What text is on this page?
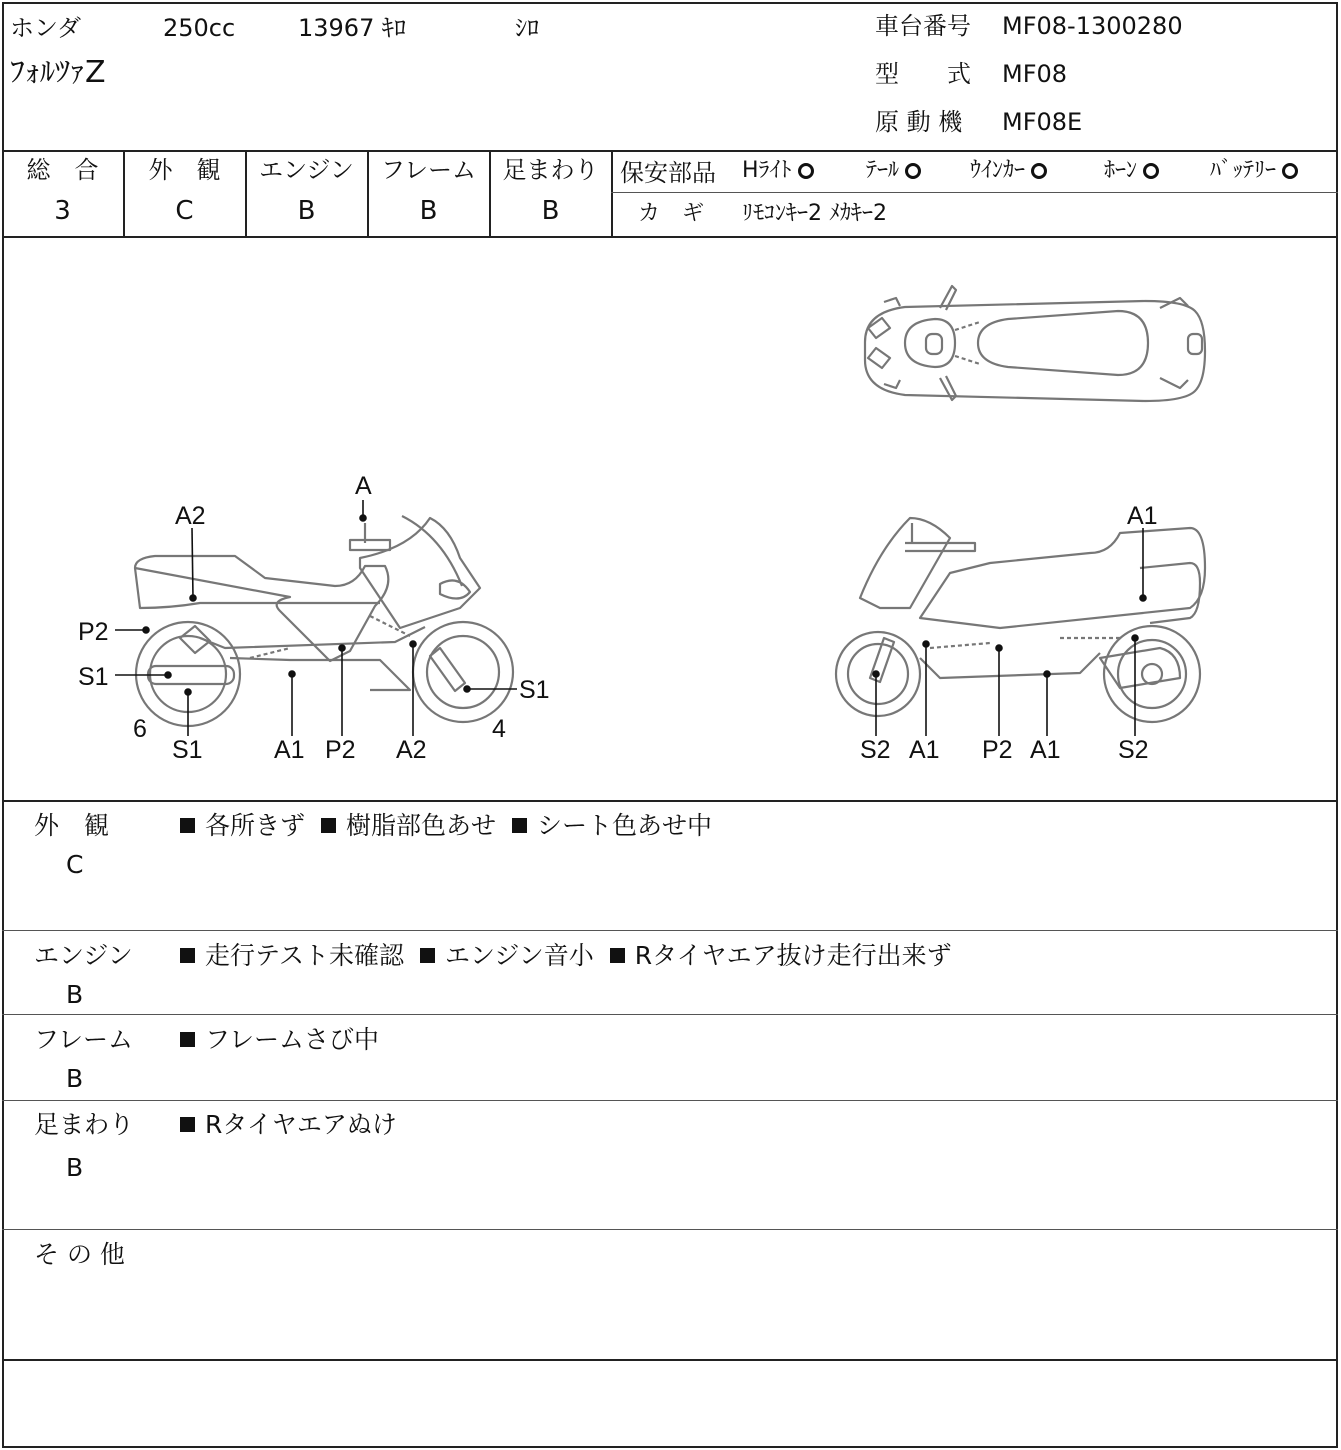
ホンダ	250cc	13967 ｷﾛ	ｼﾛ
ﾌｫﾙﾂｧZ
車台番号 MF08-1300280
型　　式 MF08
原 動 機 MF08E
総　合
3
外　観
C
エンジン
B
フレーム
B
足まわり
B
保安部品 Hﾗｲﾄ	ﾃｰﾙ	ｳｲﾝｶｰ	ﾎｰﾝ	ﾊﾞｯﾃﾘｰ
カ　ギ ﾘﾓｺﾝｷｰ2 ﾒｶｷｰ2
A
A2
P2
S1
6
S1	A1 P2 A2
4
S1
A1
S2 A1 P2 A1 S2
外　観
C
各所きず 樹脂部色あせ シート色あせ中
エンジン
B
走行テスト未確認 エンジン音小 Rタイヤエア抜け走行出来ず
フレーム
B
フレームさび中
足まわり
B
Rタイヤエアぬけ
そ の 他
